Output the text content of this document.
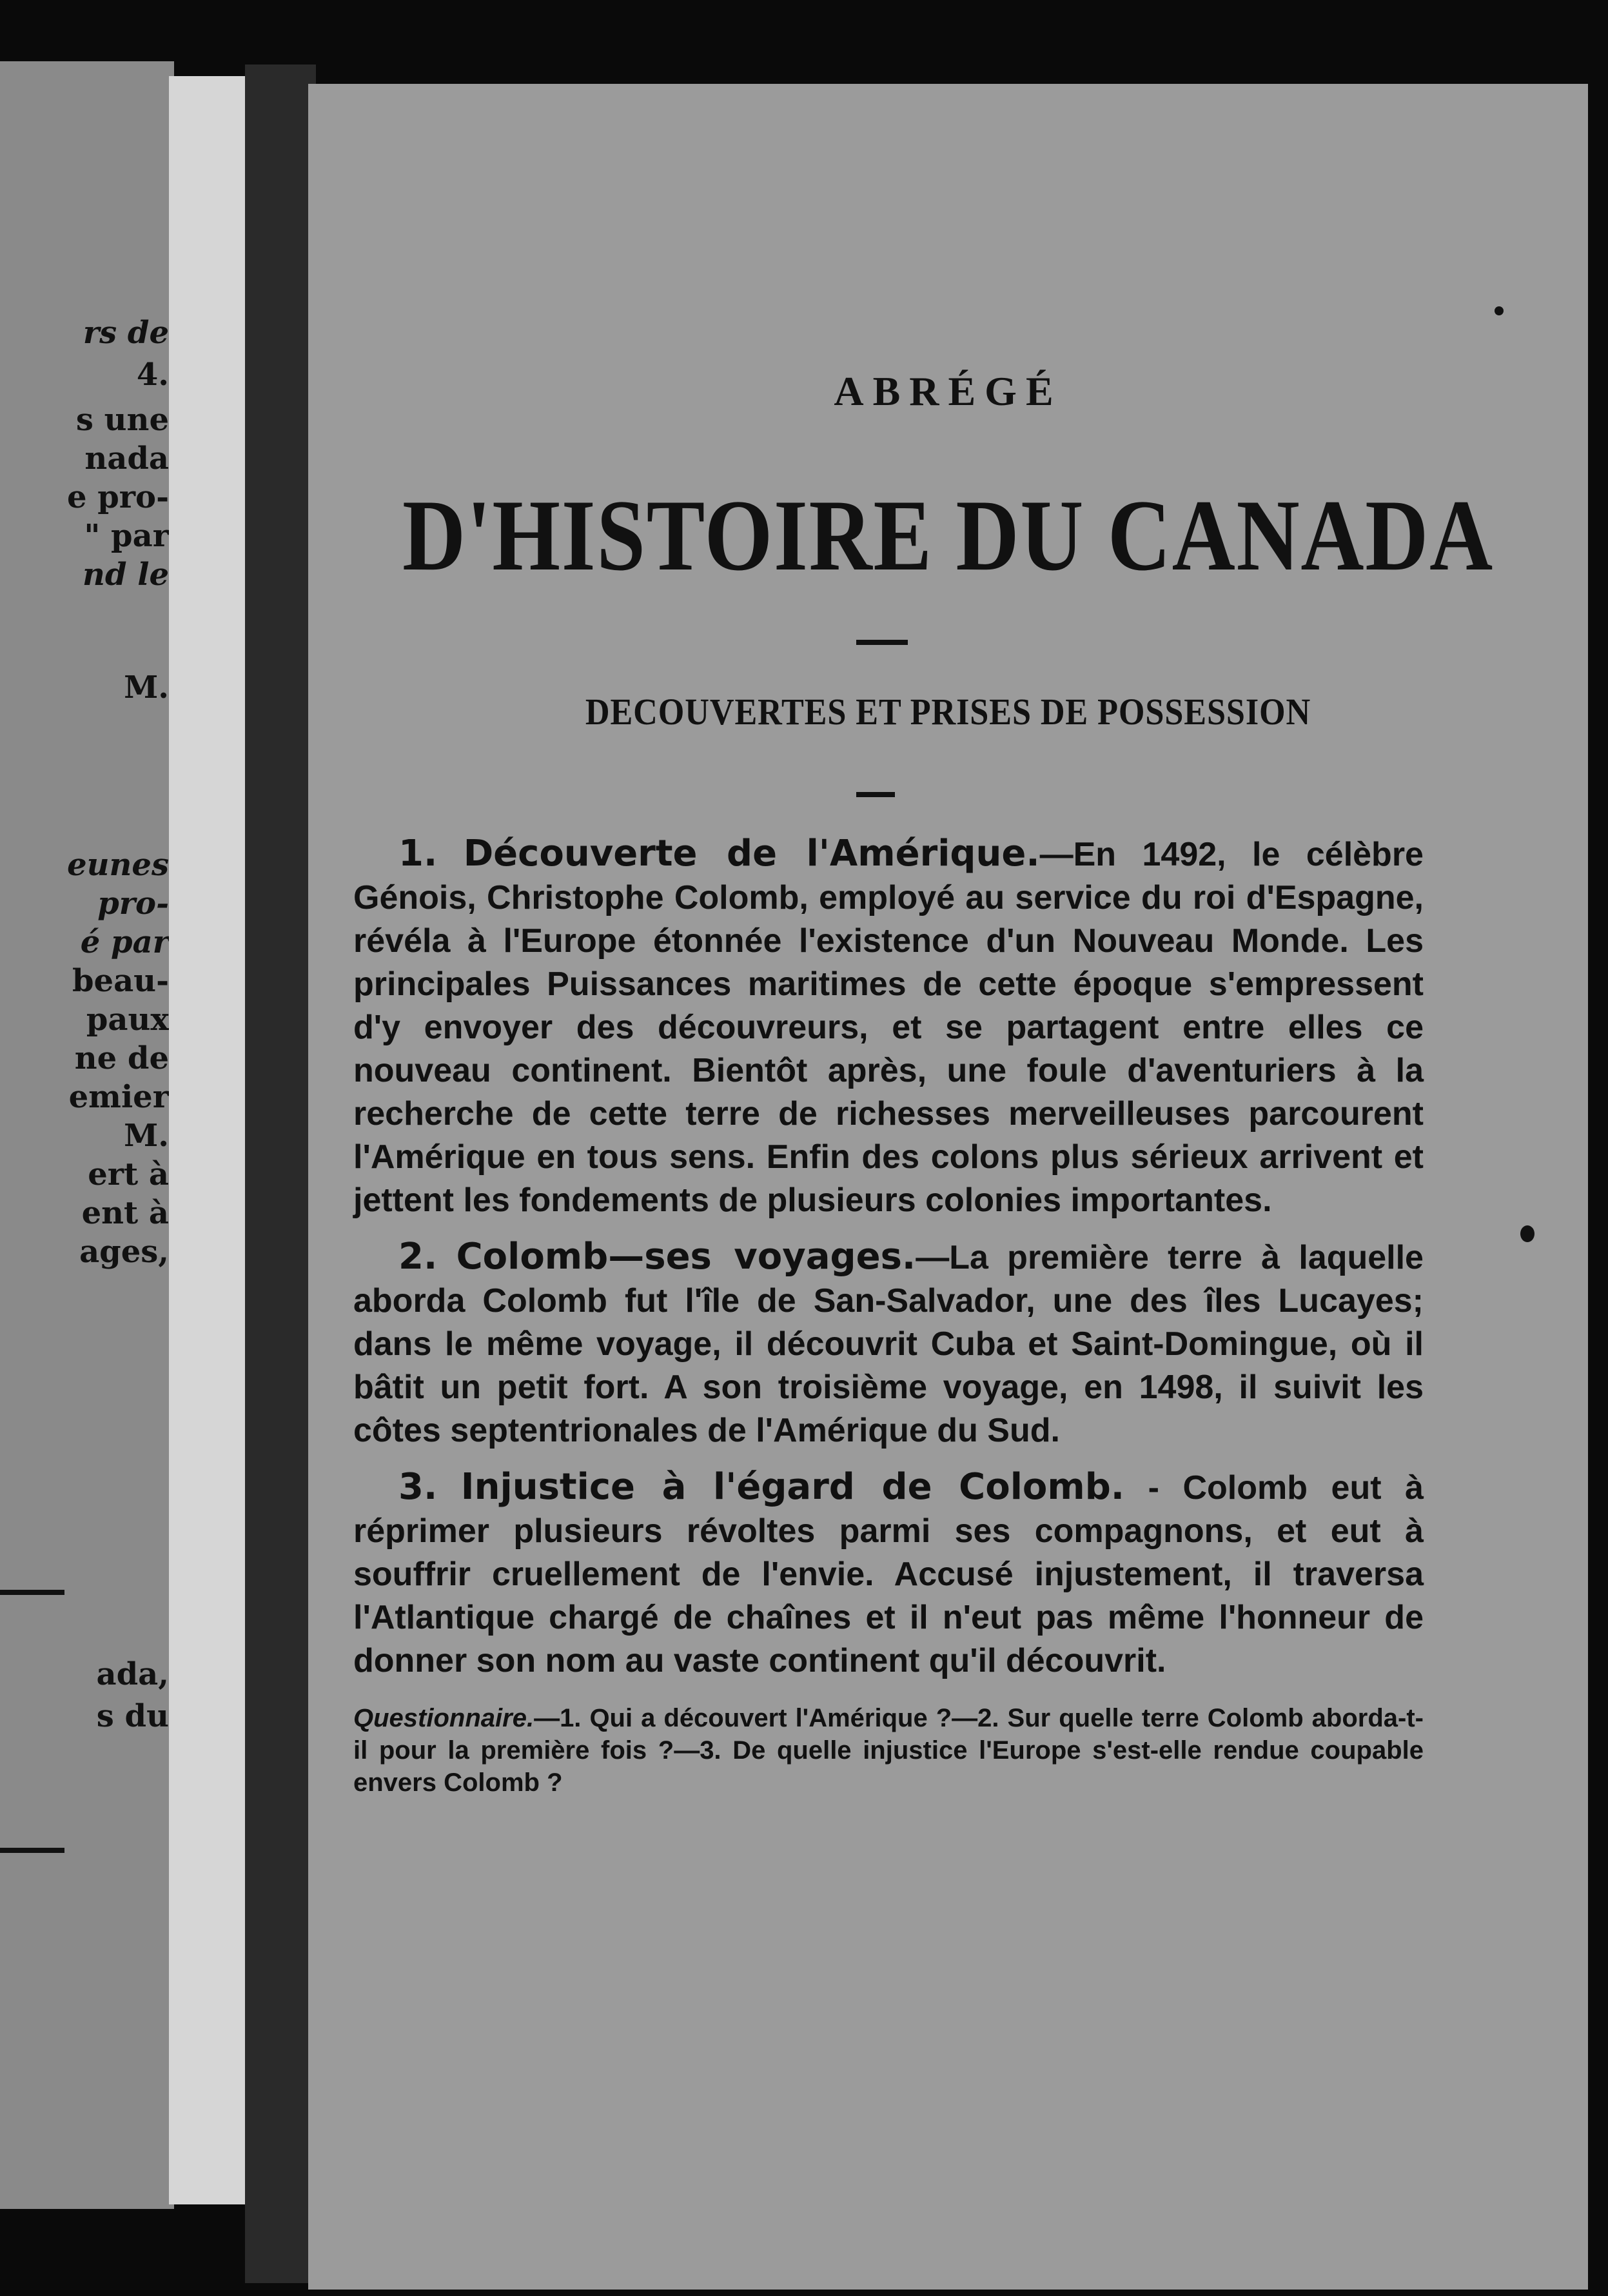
rs de

4.

s une

nada

e pro-

" par

nd le

M.

eunes

pro-

é par

beau-

paux

ne de

emier

M.

ert à

ent à

ages,

ada,

s du

ABRÉGÉ

D'HISTOIRE DU CANADA

DECOUVERTES ET PRISES DE POSSESSION

1. Découverte de l'Amérique.—En 1492, le célèbre Génois, Christophe Colomb, employé au service du roi d'Espagne, révéla à l'Europe étonnée l'existence d'un Nouveau Monde. Les principales Puissances maritimes de cette époque s'empressent d'y envoyer des découvreurs, et se partagent entre elles ce nouveau continent. Bientôt après, une foule d'aventuriers à la recherche de cette terre de richesses merveilleuses parcourent l'Amérique en tous sens. Enfin des colons plus sérieux arrivent et jettent les fondements de plusieurs colonies importantes.

2. Colomb—ses voyages.—La première terre à laquelle aborda Colomb fut l'île de San-Salvador, une des îles Lucayes; dans le même voyage, il découvrit Cuba et Saint-Domingue, où il bâtit un petit fort. A son troisième voyage, en 1498, il suivit les côtes septentrionales de l'Amérique du Sud.

3. Injustice à l'égard de Colomb. - Colomb eut à réprimer plusieurs révoltes parmi ses compagnons, et eut à souffrir cruellement de l'envie. Accusé injustement, il traversa l'Atlantique chargé de chaînes et il n'eut pas même l'honneur de donner son nom au vaste continent qu'il découvrit.

Questionnaire.—1. Qui a découvert l'Amérique ?—2. Sur quelle terre Colomb aborda-t-il pour la première fois ?—3. De quelle injustice l'Europe s'est-elle rendue coupable envers Colomb ?
